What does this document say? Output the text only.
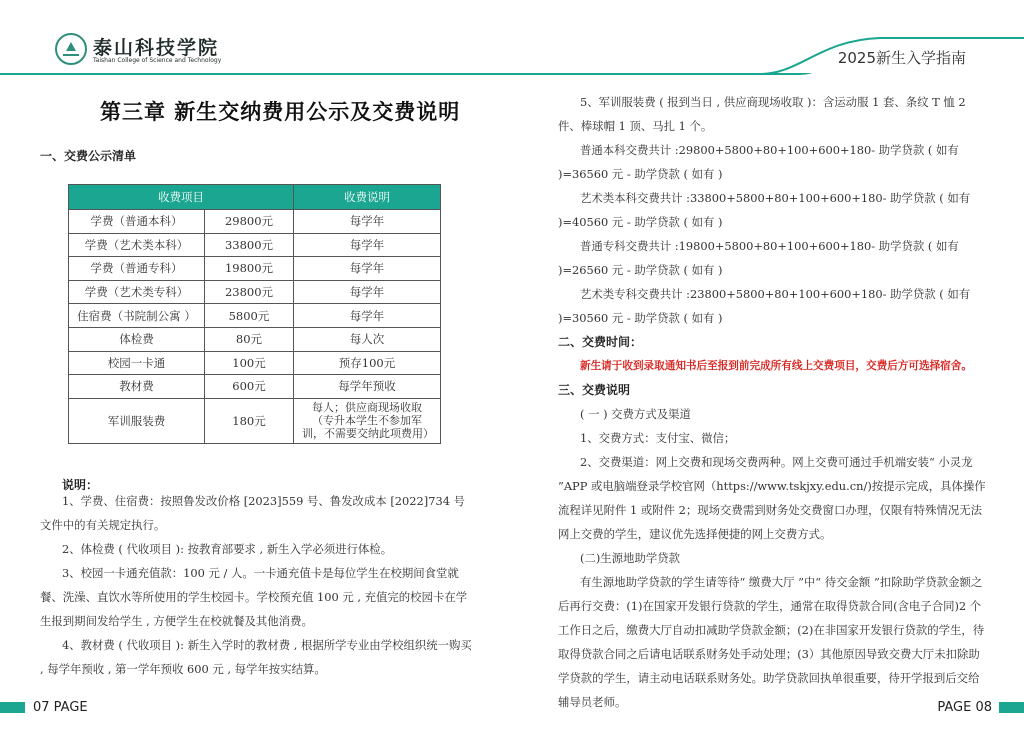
泰山科技学院
Taishan College of Science and Technology	2025新生入学指南
第三章 新生交纳费用公示及交费说明
一、交费公示清单
收费项目		收费说明
学费（普通本科）	29800元	每学年
学费（艺术类本科）	33800元	每学年
学费（普通专科）	19800元	每学年
学费（艺术类专科）	23800元	每学年
住宿费（书院制公寓 ）	5800元	每学年
体检费	80元	每人次
校园一卡通	100元	预存100元
教材费	600元	每学年预收
军训服装费	180元	每人；供应商现场收取（专升本学生不参加军训，不需要交纳此项费用）
说明：

1、学费、住宿费：按照鲁发改价格 [2023]559 号、鲁发改成本 [2022]734 号文件中的有关规定执行。

2、体检费 ( 代收项目 ): 按教育部要求 , 新生入学必须进行体检。

3、校园一卡通充值款：100 元 / 人。一卡通充值卡是每位学生在校期间食堂就餐、洗澡、直饮水等所使用的学生校园卡。学校预充值 100 元 , 充值完的校园卡在学生报到期间发给学生 , 方便学生在校就餐及其他消费。

4、教材费 ( 代收项目 ): 新生入学时的教材费 , 根据所学专业由学校组织统一购买 , 每学年预收 , 第一学年预收 600 元 , 每学年按实结算。

5、军训服装费 ( 报到当日 , 供应商现场收取 )：含运动服 1 套、条纹 T 恤 2 件、棒球帽 1 顶、马扎 1 个。

普通本科交费共计 :29800+5800+80+100+600+180- 助学贷款 ( 如有 )=36560 元 - 助学贷款 ( 如有 )

艺术类本科交费共计 :33800+5800+80+100+600+180- 助学贷款 ( 如有 )=40560 元 - 助学贷款 ( 如有 )

普通专科交费共计 :19800+5800+80+100+600+180- 助学贷款 ( 如有 )=26560 元 - 助学贷款 ( 如有 )

艺术类专科交费共计 :23800+5800+80+100+600+180- 助学贷款 ( 如有 )=30560 元 - 助学贷款 ( 如有 )

二、交费时间：

新生请于收到录取通知书后至报到前完成所有线上交费项目，交费后方可选择宿舍。

三、交费说明

( 一 ) 交费方式及渠道

1、交费方式：支付宝、微信；

2、交费渠道：网上交费和现场交费两种。网上交费可通过手机端安装“ 小灵龙 ”APP 或电脑端登录学校官网（https://www.tskjxy.edu.cn/)按提示完成，具体操作流程详见附件 1 或附件 2；现场交费需到财务处交费窗口办理，仅限有特殊情况无法网上交费的学生，建议优先选择便捷的网上交费方式。

(二)生源地助学贷款

有生源地助学贷款的学生请等待“ 缴费大厅 ”中“ 待交金额 ”扣除助学贷款金额之后再行交费：(1)在国家开发银行贷款的学生，通常在取得贷款合同(含电子合同)2 个工作日之后，缴费大厅自动扣减助学贷款金额；(2)在非国家开发银行贷款的学生，待取得贷款合同之后请电话联系财务处手动处理；(3）其他原因导致交费大厅未扣除助学贷款的学生，请主动电话联系财务处。助学贷款回执单很重要，待开学报到后交给辅导员老师。

07 PAGE	PAGE 08
